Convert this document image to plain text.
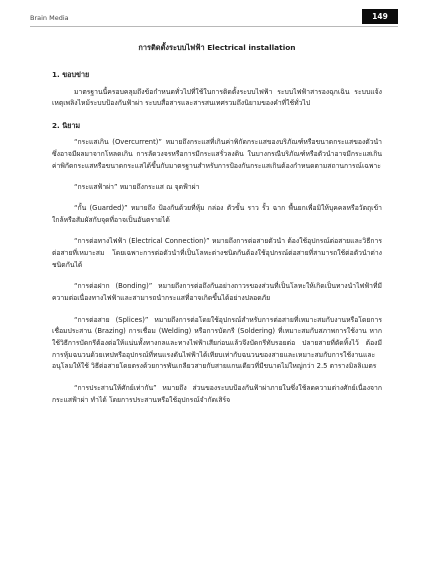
Brain Media	149
การติดตั้งระบบไฟฟ้า Electrical installation
1. ขอบข่าย

มาตรฐานนี้ครอบคลุมถึงข้อกำหนดทั่วไปที่ใช้ในการติดตั้งระบบไฟฟ้า ระบบไฟฟ้าสารองฉุกเฉิน ระบบแจ้งเหตุเพลิงไหม้ระบบป้องกันฟ้าผ่า ระบบสื่อสารและสารสนเทศรวมถึงนิยามของคำที่ใช้ทั่วไป

2. นิยาม

“กระแสเกิน (Overcurrent)” หมายถึงกระแสที่เกินค่าพิกัดกระแสของบริภัณฑ์หรือขนาดกระแสของตัวนำซึ่งอาจมีผลมาจากโหลดเกิน การลัดวงจรหรือการมีกระแสรั่วลงดิน ในบางกรณีบริภัณฑ์หรือตัวนำอาจมีกระแสเกินค่าพิกัดกระแสหรือขนาดกระแสได้ขึ้นกับมาตรฐานสำหรับการป้องกันกระแสเกินต้องกำหนดตามสถานการณ์เฉพาะ

“กระแสฟ้าผ่า” หมายถึงกระแส ณ จุดฟ้าผ่า

“กั้น (Guarded)” หมายถึง ป้องกันด้วยที่หุ้ม กล่อง ตัวขั้น ราว รั้ว ฉาก พื้นยกเพื่อมิให้บุคคลหรือวัตถุเข้าใกล้หรือสัมผัสกับจุดที่อาจเป็นอันตรายได้

“การต่อทางไฟฟ้า (Electrical Connection)” หมายถึงการต่อสายตัวนำ ต้องใช้อุปกรณ์ต่อสายและวิธีการ ต่อสายที่เหมาะสม โดยเฉพาะการต่อตัวนำที่เป็นโลหะต่างชนิดกันต้องใช้อุปกรณ์ต่อสายที่สามารถใช้ต่อตัวนำต่างชนิดกันได้

“การต่อฝาก (Bonding)” หมายถึงการต่อถึงกันอย่างถาวรของส่วนที่เป็นโลหะให้เกิดเป็นทางนำไฟฟ้าที่มีความต่อเนื่องทางไฟฟ้าและสามารถนำกระแสที่อาจเกิดขึ้นได้อย่างปลอดภัย

“การต่อสาย (Splices)” หมายถึงการต่อโดยใช้อุปกรณ์สำหรับการต่อสายที่เหมาะสมกับงานหรือโดยการเชื่อมประสาน (Brazing) การเชื่อม (Welding) หรือการบัดกรี (Soldering) ที่เหมาะสมกับสภาพการใช้งาน หากใช้วิธีการบัดกรีต้องต่อให้แน่นทั้งทางกลและทางไฟฟ้าเสียก่อนแล้วจึงบัดกรีทับรอยต่อ ปลายสายที่ตัดทิ้งไว้ ต้องมีการหุ้มฉนวนด้วยเทปหรืออุปกรณ์ที่ทนแรงดันไฟฟ้าได้เทียบเท่ากับฉนวนของสายและเหมาะสมกับการใช้งานและอนุโลมให้ใช้ วิธีต่อสายโดยตรงด้วยการพันเกลียวสายกับสายแกนเดียวที่มีขนาดไม่ใหญ่กว่า 2.5 ตารางมิลลิเมตร

“การประสานให้ศักย์เท่ากัน” หมายถึง ส่วนของระบบป้องกันฟ้าผ่าภายในซึ่งใช้ลดความต่างศักย์เนื่องจากกระแสฟ้าผ่า ทำได้ โดยการประสานหรือใช้อุปกรณ์จำกัดเสิร์จ
